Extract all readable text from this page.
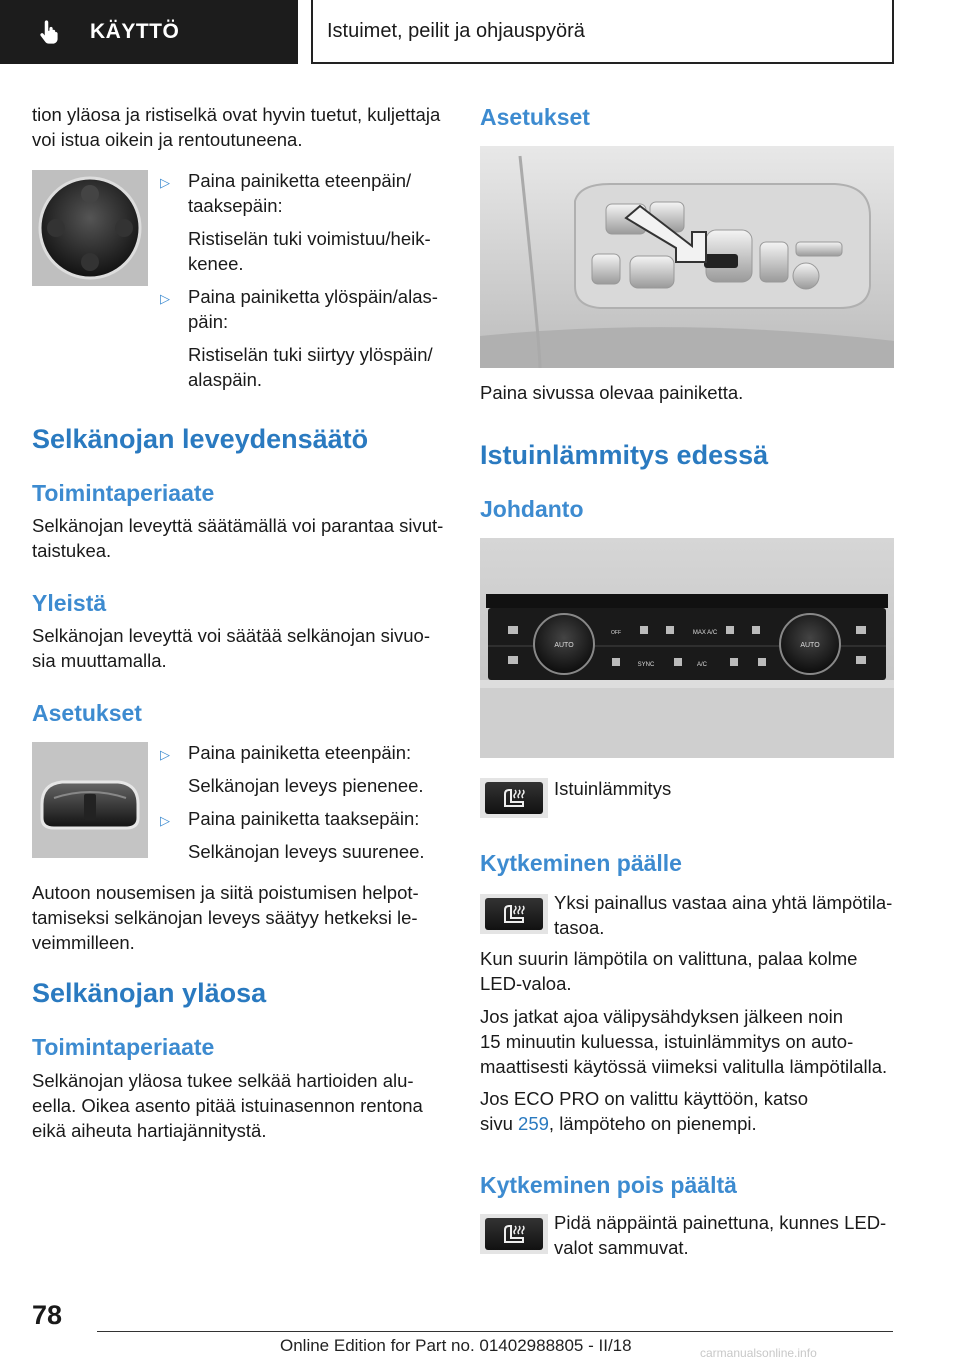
KÄYTTÖ	Istuimet, peilit ja ohjauspyörä
tion yläosa ja ristiselkä ovat hyvin tuetut, kuljettaja
voi istua oikein ja rentoutuneena.
▷ Paina painiketta eteenpäin/
taaksepäin:
Ristiselän tuki voimistuu/heik-
kenee.
▷ Paina painiketta ylöspäin/alas-
päin:
Ristiselän tuki siirtyy ylöspäin/
alaspäin.
Selkänojan leveydensäätö
Toimintaperiaate
Selkänojan leveyttä säätämällä voi parantaa sivut-
taistukea.
Yleistä
Selkänojan leveyttä voi säätää selkänojan sivuo-
sia muuttamalla.
Asetukset
▷ Paina painiketta eteenpäin:
Selkänojan leveys pienenee.
▷ Paina painiketta taaksepäin:
Selkänojan leveys suurenee.
Autoon nousemisen ja siitä poistumisen helpot-
tamiseksi selkänojan leveys säätyy hetkeksi le-
veimmilleen.
Selkänojan yläosa
Toimintaperiaate
Selkänojan yläosa tukee selkää hartioiden alu-
eella. Oikea asento pitää istuinasennon rentona
eikä aiheuta hartiajännitystä.
Asetukset
Paina sivussa olevaa painiketta.
Istuinlämmitys edessä
Johdanto
AUTO	AUTO
MAX A/C
SYNC	A/C
OFF
Istuinlämmitys
Kytkeminen päälle
Yksi painallus vastaa aina yhtä lämpötila-
tasoa.
Kun suurin lämpötila on valittuna, palaa kolme
LED-valoa.
Jos jatkat ajoa välipysähdyksen jälkeen noin
15 minuutin kuluessa, istuinlämmitys on auto-
maattisesti käytössä viimeksi valitulla lämpötilalla.
Jos ECO PRO on valittu käyttöön, katso
sivu 259, lämpöteho on pienempi.
Kytkeminen pois päältä
Pidä näppäintä painettuna, kunnes LED-
valot sammuvat.
78
Online Edition for Part no. 01402988805 - II/18	carmanualsonline.info
